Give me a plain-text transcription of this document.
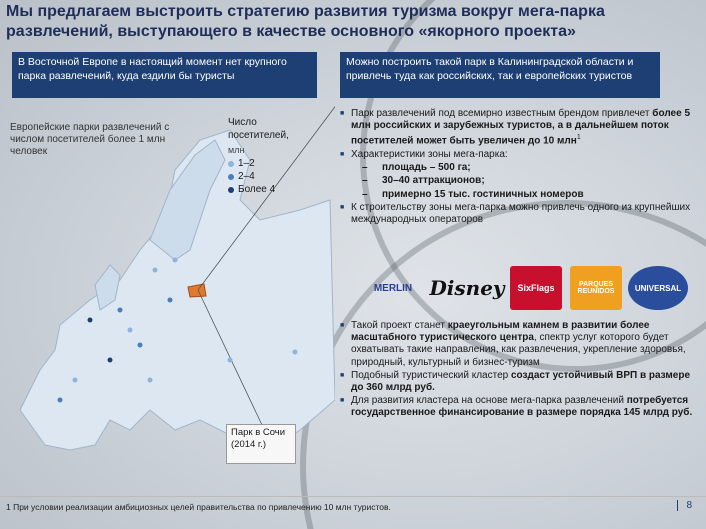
Мы предлагаем выстроить стратегию развития туризма вокруг мега-парка развлечений, выступающего в качестве основного «якорного проекта»
В Восточной Европе в настоящий момент нет крупного парка развлечений, куда ездили бы туристы
Можно построить такой парк в Калининградской области и привлечь туда как российских, так и европейских туристов
Европейские парки развлечений с числом посетителей более 1 млн человек
Число посетителей,
млн
1–2
2–4
Более 4
Парк в Сочи (2014 г.)
■ Парк развлечений под всемирно известным брендом привлечет более 5 млн российских и зарубежных туристов, а в дальнейшем поток посетителей может быть увеличен до 10 млн$^1$
■ Характеристики зоны мега-парка:
– площадь – 500 га;
– 30–40 аттракционов;
– примерно 15 тыс. гостиничных номеров
■ К строительству зоны мега-парка можно привлечь одного из крупнейших международных операторов
MERLIN Disney	SixFlags	PARQUES REUNIDOS	UNIVERSAL
■ Такой проект станет краеугольным камнем в развитии более масштабного туристического центра, спектр услуг которого будет охватывать такие направления, как развлечения, укрепление здоровья, природный, культурный и бизнес-туризм
■ Подобный туристический кластер создаст устойчивый ВРП в размере до 360 млрд руб.
■ Для развития кластера на основе мега-парка развлечений потребуется государственное финансирование в размере порядка 145 млрд руб.
1 При условии реализации амбициозных целей правительства по привлечению 10 млн туристов.	8
